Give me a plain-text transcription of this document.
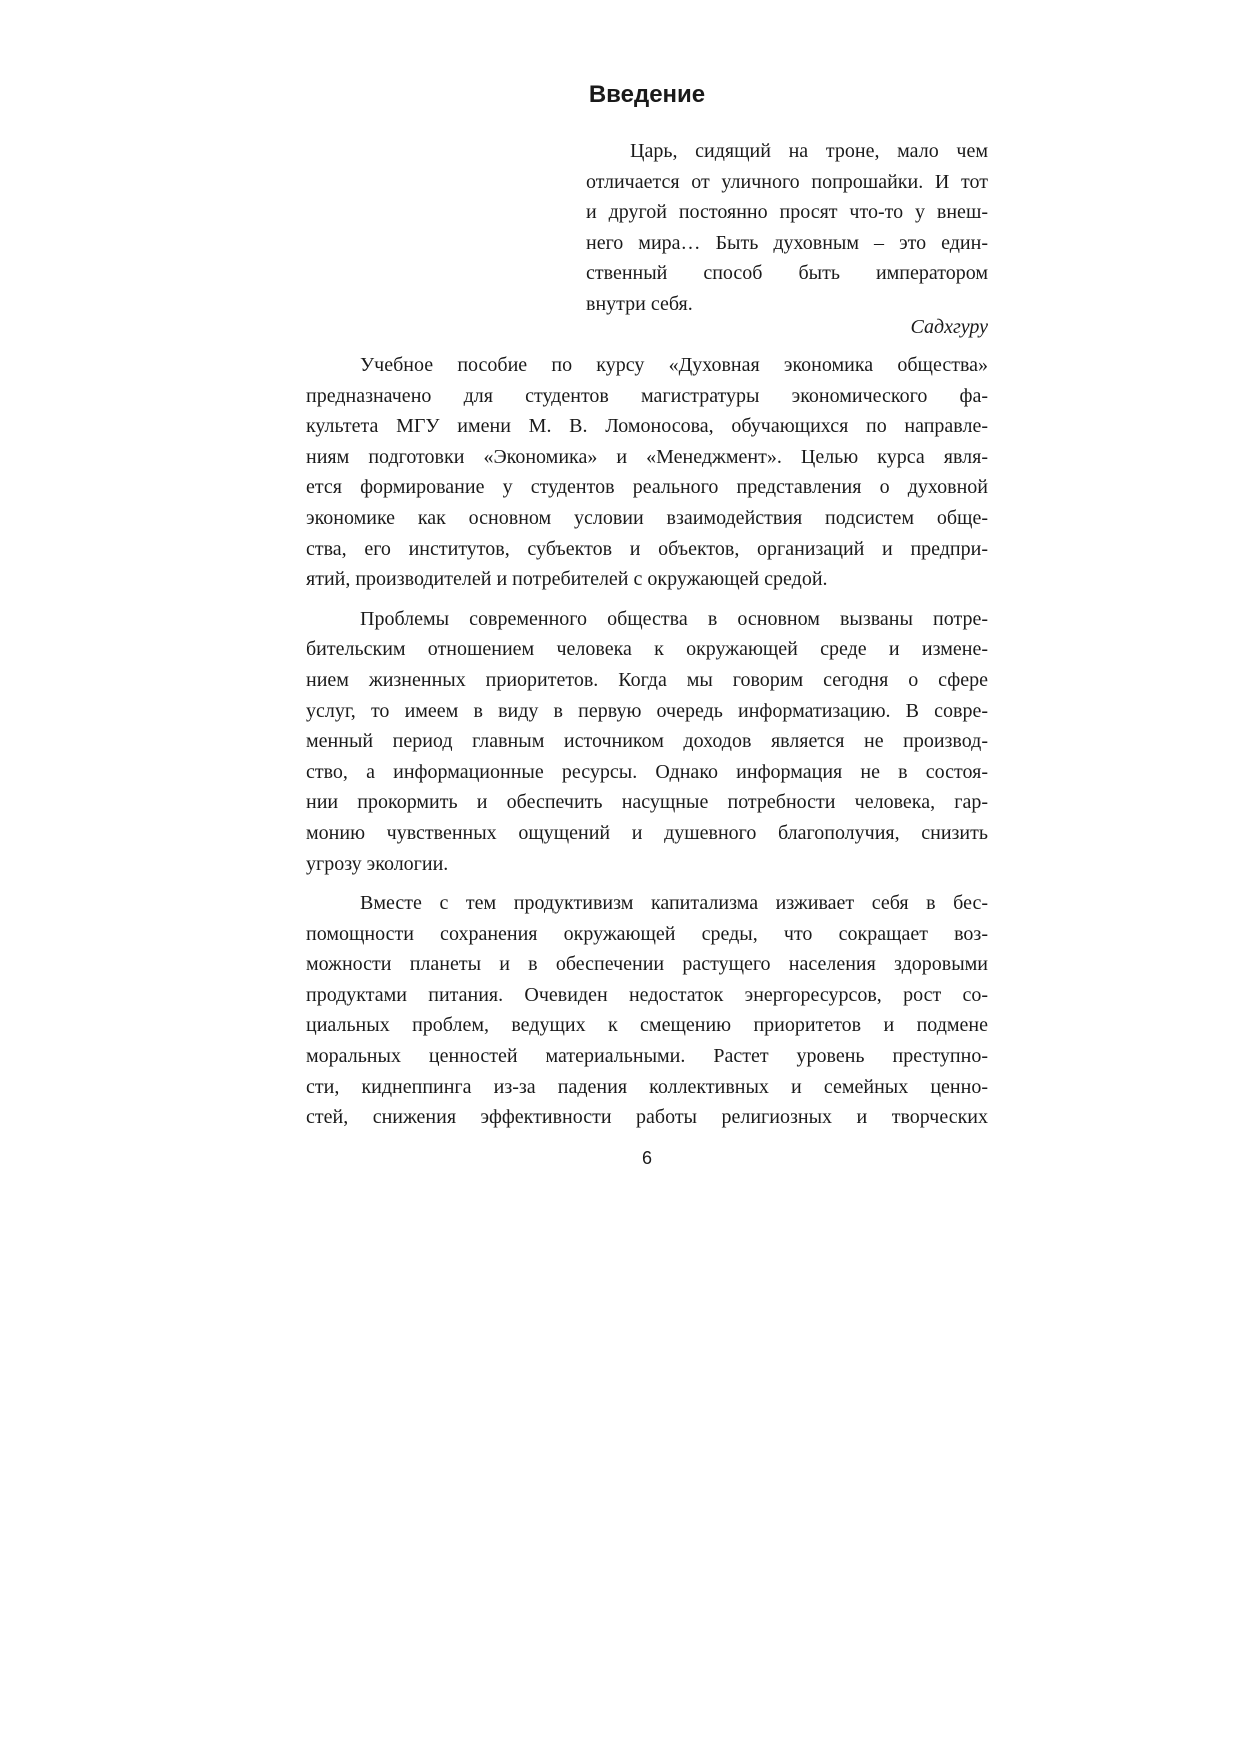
Введение
Царь, сидящий на троне, мало чем
отличается от уличного попрошайки. И тот
и другой постоянно просят что-то у внеш-
него мира… Быть духовным – это един-
ственный способ быть императором
внутри себя.

Садхгуру

Учебное пособие по курсу «Духовная экономика общества»
предназначено для студентов магистратуры экономического фа-
культета МГУ имени М. В. Ломоносова, обучающихся по направле-
ниям подготовки «Экономика» и «Менеджмент». Целью курса явля-
ется формирование у студентов реального представления о духовной
экономике как основном условии взаимодействия подсистем обще-
ства, его институтов, субъектов и объектов, организаций и предпри-
ятий, производителей и потребителей с окружающей средой.
Проблемы современного общества в основном вызваны потре-
бительским отношением человека к окружающей среде и измене-
нием жизненных приоритетов. Когда мы говорим сегодня о сфере
услуг, то имеем в виду в первую очередь информатизацию. В совре-
менный период главным источником доходов является не производ-
ство, а информационные ресурсы. Однако информация не в состоя-
нии прокормить и обеспечить насущные потребности человека, гар-
монию чувственных ощущений и душевного благополучия, снизить
угрозу экологии.
Вместе с тем продуктивизм капитализма изживает себя в бес-
помощности сохранения окружающей среды, что сокращает воз-
можности планеты и в обеспечении растущего населения здоровыми
продуктами питания. Очевиден недостаток энергоресурсов, рост со-
циальных проблем, ведущих к смещению приоритетов и подмене
моральных ценностей материальными. Растет уровень преступно-
сти, киднеппинга из-за падения коллективных и семейных ценно-
стей, снижения эффективности работы религиозных и творческих

6
